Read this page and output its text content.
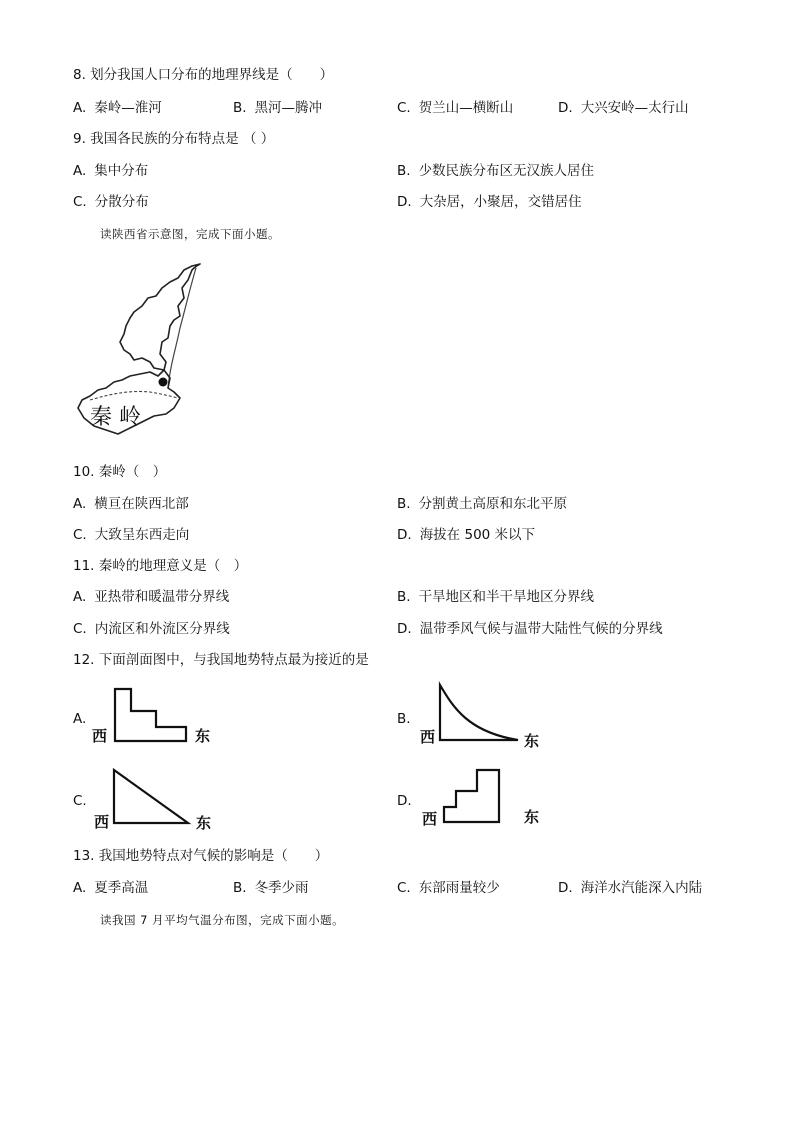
8. 划分我国人口分布的地理界线是（　　）
A. 秦岭—淮河	B. 黑河—腾冲	C. 贺兰山—横断山	D. 大兴安岭—太行山
9. 我国各民族的分布特点是 （ ）
A. 集中分布	B. 少数民族分布区无汉族人居住
C. 分散分布	D. 大杂居，小聚居，交错居住
读陕西省示意图，完成下面小题。
秦 岭
10. 秦岭（　）
A. 横亘在陕西北部	B. 分割黄土高原和东北平原
C. 大致呈东西走向	D. 海拔在 500 米以下
11. 秦岭的地理意义是（　）
A. 亚热带和暖温带分界线	B. 干旱地区和半干旱地区分界线
C. 内流区和外流区分界线	D. 温带季风气候与温带大陆性气候的分界线
12. 下面剖面图中，与我国地势特点最为接近的是
A.
西	东
B.
西	东
C.
西	东
D.
西	东
13. 我国地势特点对气候的影响是（　　）
A. 夏季高温	B. 冬季少雨	C. 东部雨量较少	D. 海洋水汽能深入内陆
读我国 7 月平均气温分布图，完成下面小题。
